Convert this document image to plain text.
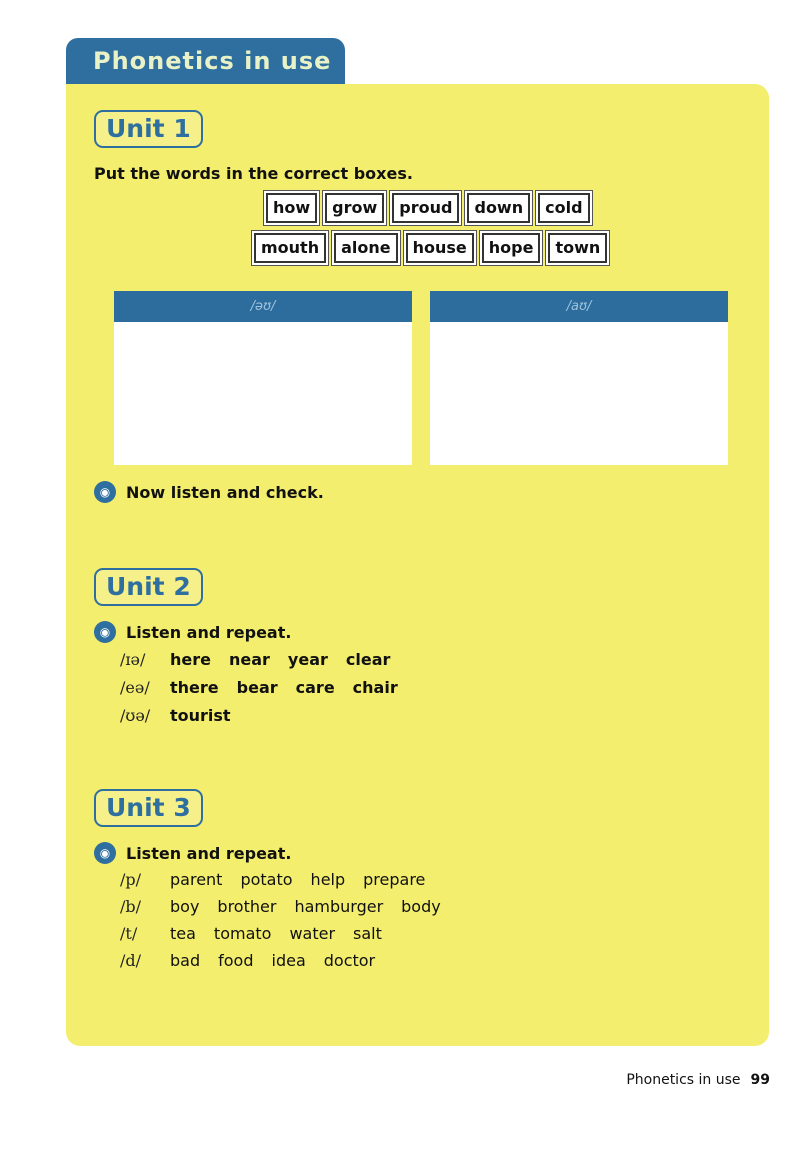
Phonetics in use
Unit 1
Put the words in the correct boxes.
how	grow	proud	down	cold
mouth	alone	house	hope	town
/əʊ/	/aʊ/
◉ Now listen and check.
Unit 2
◉ Listen and repeat.
/ɪə/	here near year clear
/eə/	there bear care chair
/ʊə/	tourist
Unit 3
◉ Listen and repeat.
/p/	parent potato help prepare
/b/	boy brother hamburger body
/t/	tea tomato water salt
/d/	bad food idea doctor
Phonetics in use 99
